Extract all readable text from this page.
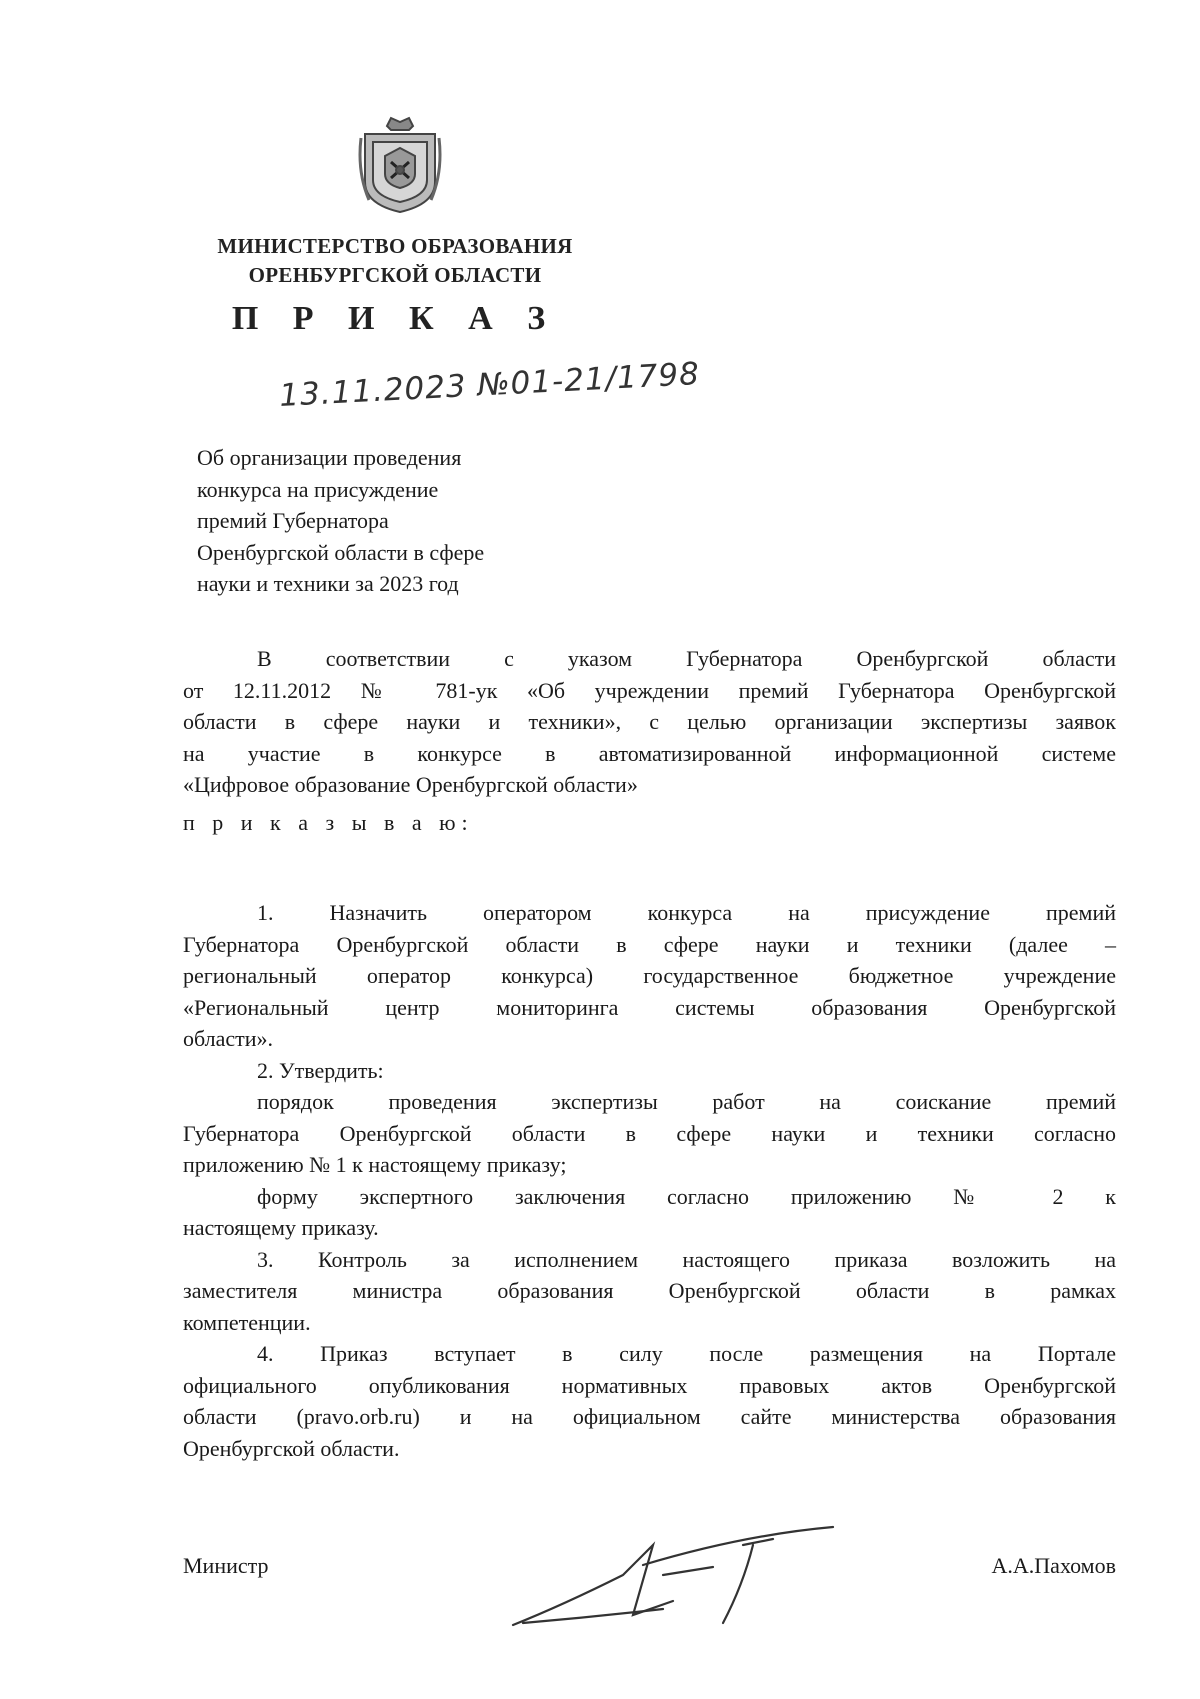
МИНИСТЕРСТВО ОБРАЗОВАНИЯ
ОРЕНБУРГСКОЙ ОБЛАСТИ
П Р И К А З
13.11.2023 №01-21/1798
Об организации проведения
конкурса на присуждение
премий Губернатора
Оренбургской области в сфере
науки и техники за 2023 год
В соответствии с указом Губернатора Оренбургской области
от 12.11.2012 № 781-ук «Об учреждении премий Губернатора Оренбургской
области в сфере науки и техники», с целью организации экспертизы заявок
на участие в конкурсе в автоматизированной информационной системе
«Цифровое образование Оренбургской области»
п р и к а з ы в а ю:
1. Назначить оператором конкурса на присуждение премий
Губернатора Оренбургской области в сфере науки и техники (далее –
региональный оператор конкурса) государственное бюджетное учреждение
«Региональный центр мониторинга системы образования Оренбургской
области».
2. Утвердить:
порядок проведения экспертизы работ на соискание премий
Губернатора Оренбургской области в сфере науки и техники согласно
приложению № 1 к настоящему приказу;
форму экспертного заключения согласно приложению № 2 к
настоящему приказу.
3. Контроль за исполнением настоящего приказа возложить на
заместителя министра образования Оренбургской области в рамках
компетенции.
4. Приказ вступает в силу после размещения на Портале
официального опубликования нормативных правовых актов Оренбургской
области (pravo.orb.ru) и на официальном сайте министерства образования
Оренбургской области.
Министр	А.А.Пахомов
